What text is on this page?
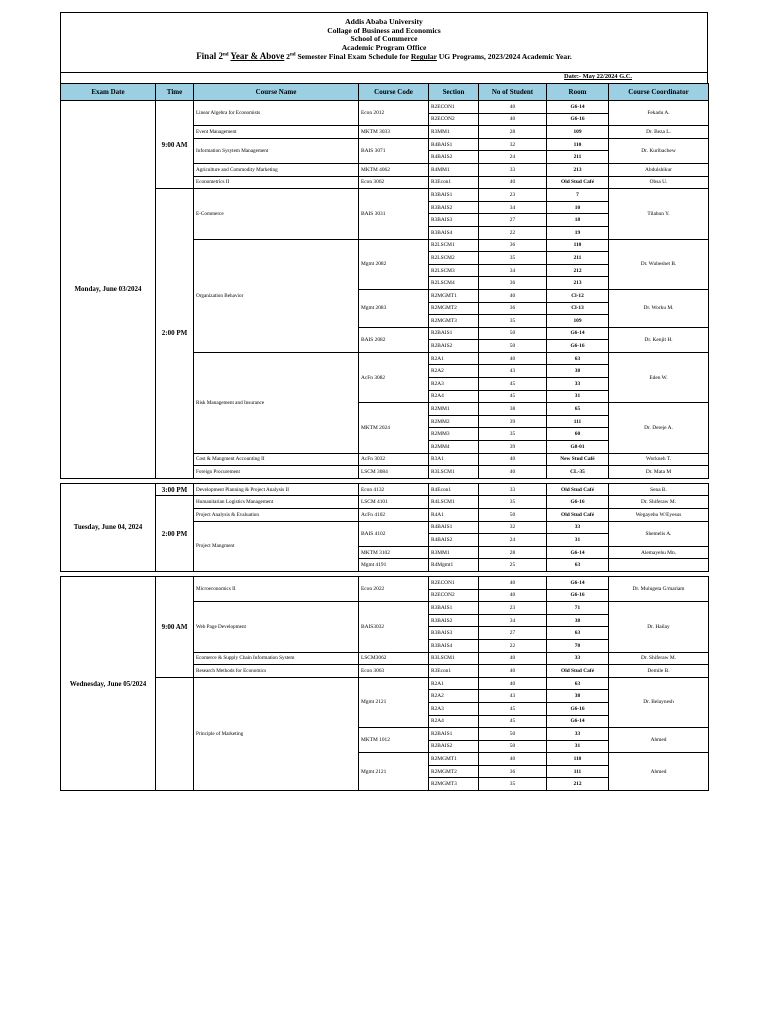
Addis Ababa University
Collage of Business and Economics
School of Commerce
Academic Program Office
Final 2nd Year & Above 2nd Semester Final Exam Schedule for Regular UG Programs, 2023/2024 Academic Year.
Date:- May 22/2024 G.C.
Exam Date	Time	Course Name	Course Code	Section	No of Student	Room	Course Coordinator
Monday, June 03/2024	9:00 AM	Linear Algebra for Economists	Econ 2012	R2ECON1	40	G6-14	Fekadu A.
				R2ECON2	40	G6-16	
		Event Management	MKTM 3033	R3MM1	28	109	Dr. Beza L.
		Information Sysytem Management	BAIS 3071	R4BAIS1	32	110	Dr. Kuribachew
				R4BAIS2	24	211	
		Agriculture and Commodity Marketing	MKTM 4062	R4MM1	33	213	Abdulshikur
		Econometrics II	Econ 3062	R3Econ1	40	Old Stud Café	Obsa U.
	2:00 PM	E-Commerce	BAIS 3031	R3BAIS1	23	7	Tilahun Y.
				R3BAIS2	34	10	
				R3BAIS3	27	18	
				R3BAIS4	22	19	
		Organization Behavior	Mgmt 2082	R2LSCM1	36	110	Dr. Wubeshet B.
				R2LSCM2	35	211	
				R2LSCM3	34	212	
				R2LSCM4	36	213	
			Mgmt 2083	R2MGMT1	40	Cl-12	Dr. Worku M.
				R2MGMT2	36	Cl-13	
				R2MGMT3	35	109	
			BAIS 2082	R2BAIS1	50	G6-14	Dr. Kenjit H.
				R2BAIS2	50	G6-16	
		Risk Management and Insurance	AcFn 3082	R2A1	40	63	Eden W.
				R2A2	43	38	
				R2A3	45	33	
				R2A4	45	31	
			MKTM 2024	R2MM1	38	65	Dr. Dereje A.
				R2MM2	39	111	
				R2MM3	35	60	
				R2MM4	39	G8-01	
		Cost & Mangment Accounting II	AcFn 3032	R3A1	40	New Stud Café	Workneh T.
		Foreign Procurement	LSCM 3084	R3LSCM1	40	CL-35	Dr. Mata M

Tuesday, June 04, 2024	3:00 PM	Development Planning & Project Analysis II	Econ 4132	R4Econ1	33	Old Stud Café	Sena B.
	2:00 PM	Humanitarian Logistics Management	LSCM 4101	R4LSCM1	35	G6-16	Dr. Shiferaw M.
		Project Analysis & Evaluation	AcFn 4102	R4A1	50	Old Stud Café	Wegayehu W/Eyesus
		Project Mangment	BAIS 4102	R4BAIS1	32	33	Shemelis A.
				R4BAIS2	24	31	
			MKTM 3102	R3MM1	28	G6-14	Alemayehu Mn.
			Mgmt 4191	R4Mgmt1	25	63	

Wednesday, June 05/2024	9:00 AM	Microeconomics II	Econ 2022	R2ECON1	40	G6-14	Dr. Mulugeta G/mariam
				R2ECON2	40	G6-16	
		Web Page Development	BAIS3032	R3BAIS1	23	71	Dr. Hailay
				R3BAIS2	34	38	
				R3BAIS3	27	63	
				R3BAIS4	22	70	
		Ecomerce & Supply Chain Information System	LSCM3062	R3LSCM1	40	33	Dr. Shiferaw M.
		Research Methods for Economics	Econ 3063	R3Econ1	40	Old Stud Café	Demile B.
		Principle of Marketing	Mgmt 2121	R2A1	40	63	Dr. Belaynesh
				R2A2	43	38	
				R2A3	45	G6-16	
				R2A4	45	G6-14	
			MKTM 1012	R2BAIS1	50	33	Ahmed
				R2BAIS2	50	31	
			Mgmt 2121	R2MGMT1	40	110	Ahmed
				R2MGMT2	36	111	
				R2MGMT3	35	212	
